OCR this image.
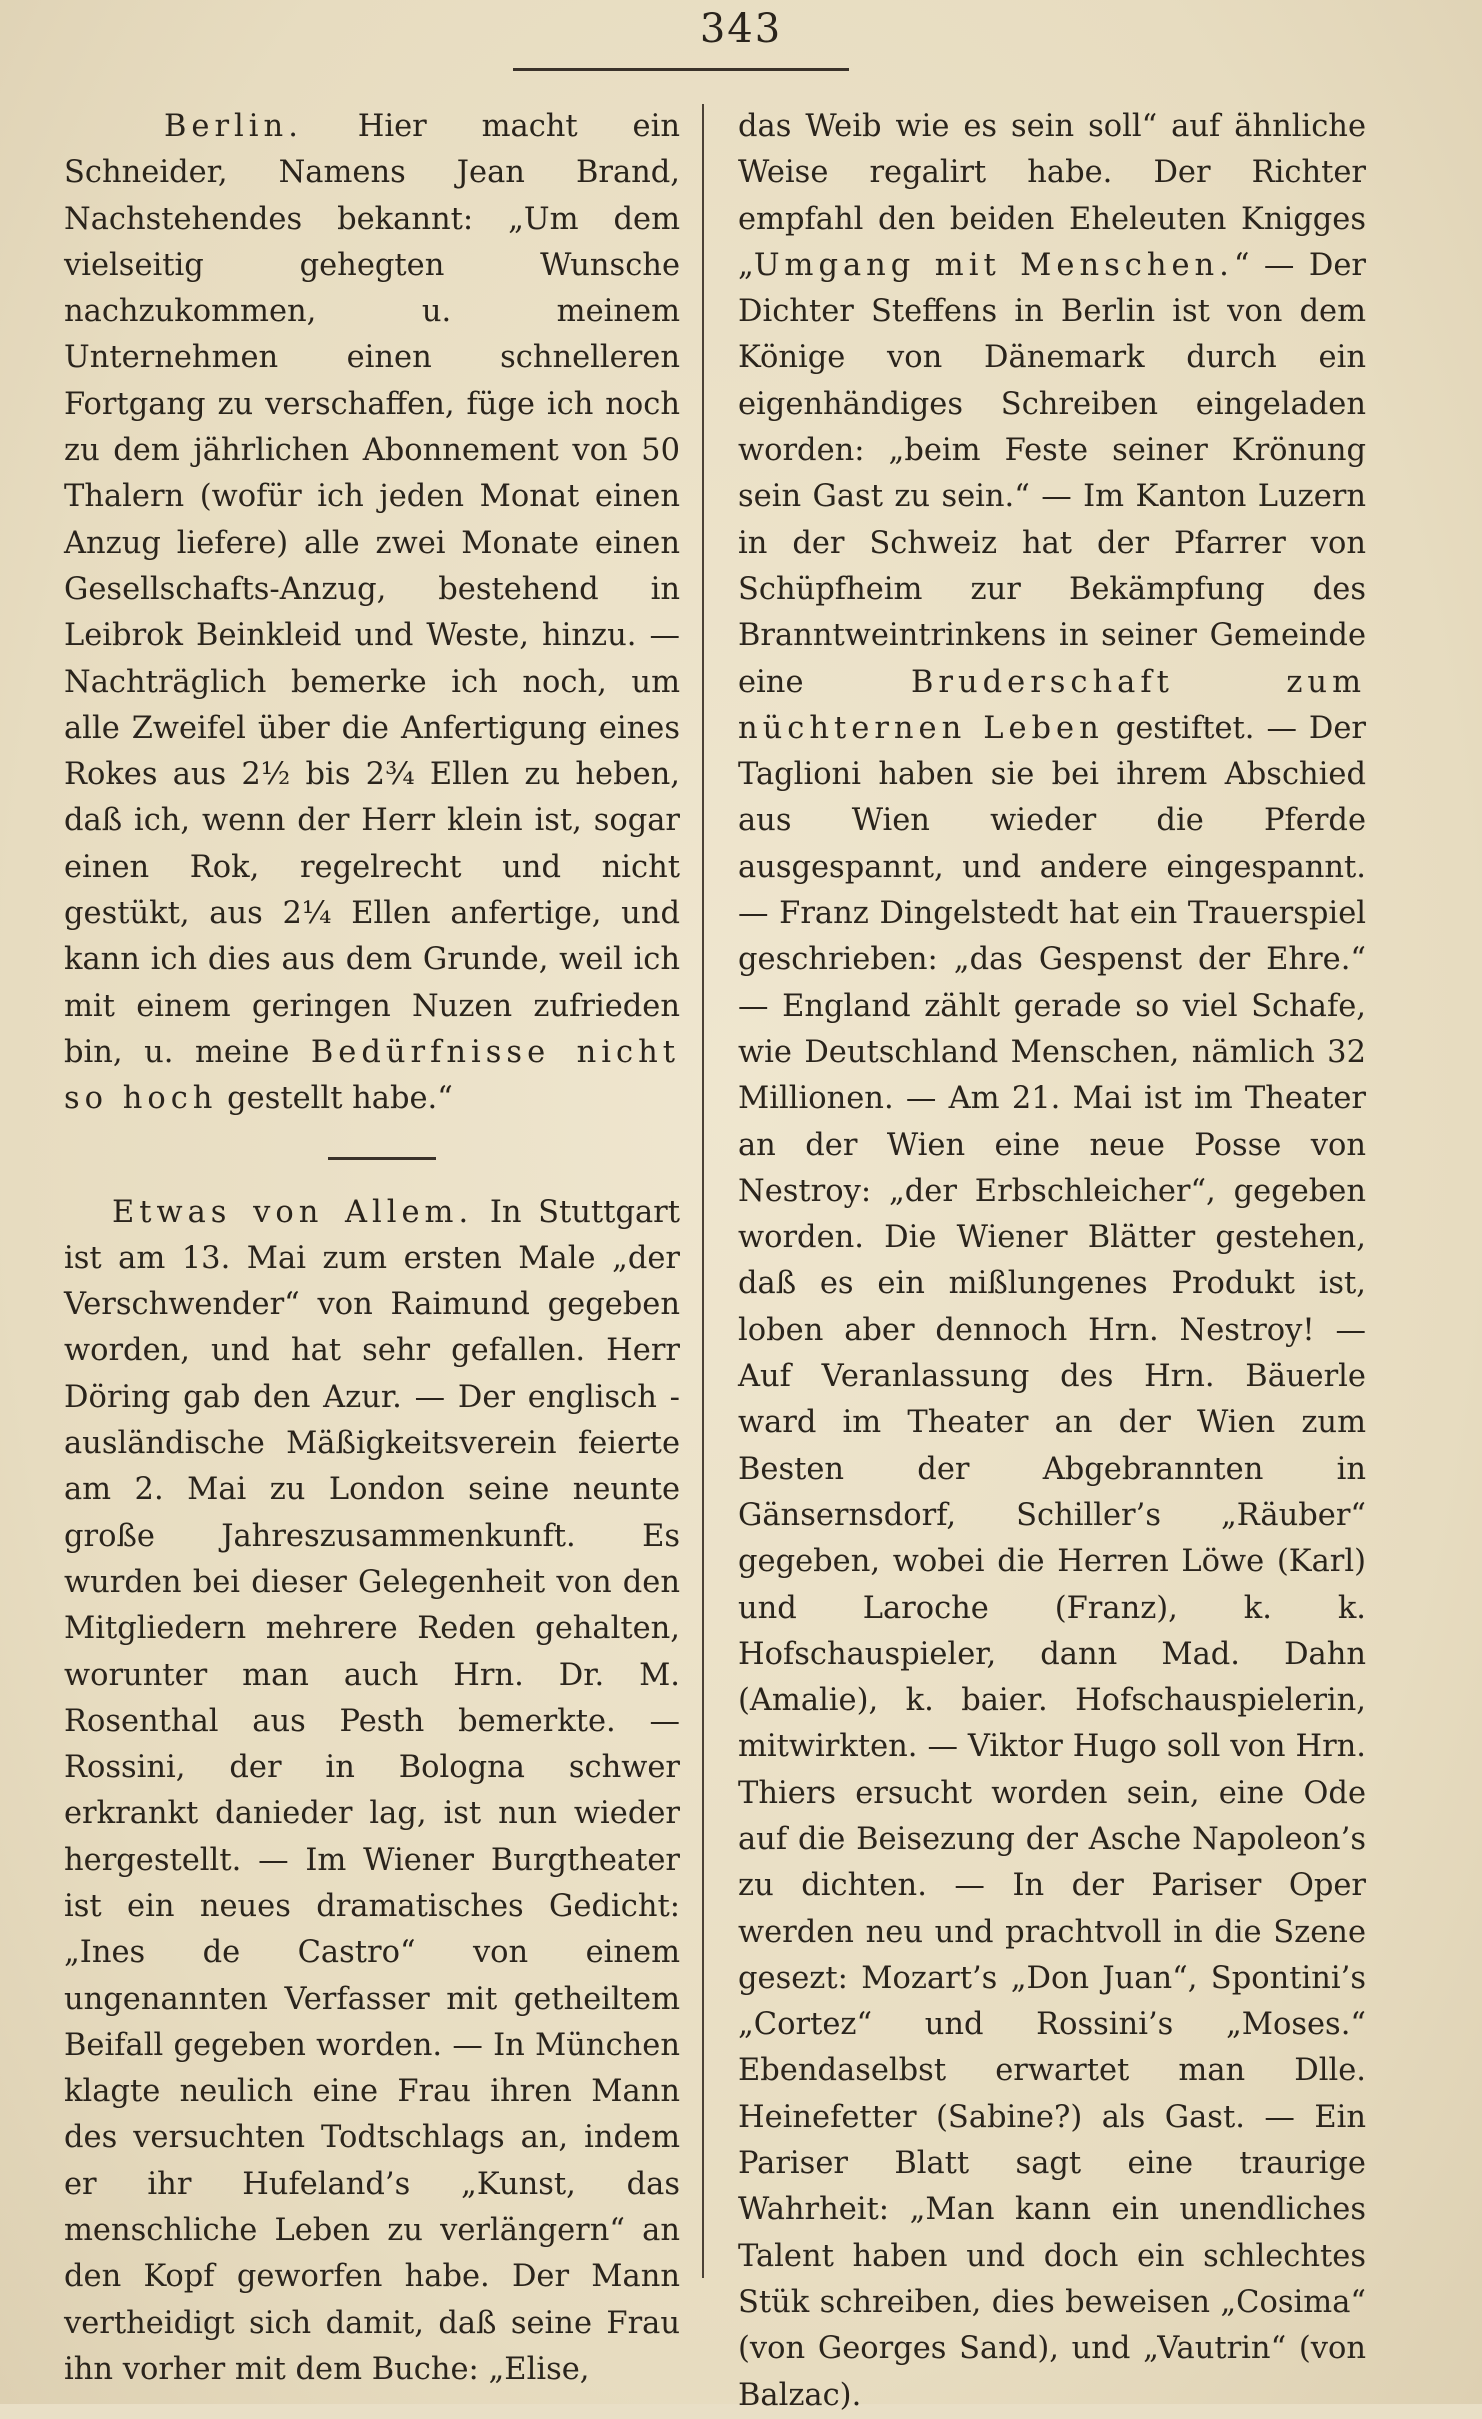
343

Berlin. Hier macht ein Schneider, Namens Jean Brand, Nachstehendes bekannt: „Um dem vielseitig gehegten Wunsche nachzukommen, u. meinem Unternehmen einen schnelleren Fortgang zu verschaffen, füge ich noch zu dem jährlichen Abonnement von 50 Thalern (wofür ich jeden Monat einen Anzug liefere) alle zwei Monate einen Gesellschafts-Anzug, bestehend in Leibrok Beinkleid und Weste, hinzu. — Nachträglich bemerke ich noch, um alle Zweifel über die Anfertigung eines Rokes aus 2½ bis 2¾ Ellen zu heben, daß ich, wenn der Herr klein ist, sogar einen Rok, regelrecht und nicht gestükt, aus 2¼ Ellen anfertige, und kann ich dies aus dem Grunde, weil ich mit einem geringen Nuzen zufrieden bin, u. meine Bedürfnisse nicht so hoch gestellt habe.“

Etwas von Allem. In Stuttgart ist am 13. Mai zum ersten Male „der Verschwender“ von Raimund gegeben worden, und hat sehr gefallen. Herr Döring gab den Azur. — Der englisch - ausländische Mäßigkeitsverein feierte am 2. Mai zu London seine neunte große Jahreszusammenkunft. Es wurden bei dieser Gelegenheit von den Mitgliedern mehrere Reden gehalten, worunter man auch Hrn. Dr. M. Rosenthal aus Pesth bemerkte. — Rossini, der in Bologna schwer erkrankt danieder lag, ist nun wieder hergestellt. — Im Wiener Burgtheater ist ein neues dramatisches Gedicht: „Ines de Castro“ von einem ungenannten Verfasser mit getheiltem Beifall gegeben worden. — In München klagte neulich eine Frau ihren Mann des versuchten Todtschlags an, indem er ihr Hufeland’s „Kunst, das menschliche Leben zu verlängern“ an den Kopf geworfen habe. Der Mann vertheidigt sich damit, daß seine Frau ihn vorher mit dem Buche: „Elise,

das Weib wie es sein soll“ auf ähnliche Weise regalirt habe. Der Richter empfahl den beiden Eheleuten Knigges „Umgang mit Menschen.“ — Der Dichter Steffens in Berlin ist von dem Könige von Dänemark durch ein eigenhändiges Schreiben eingeladen worden: „beim Feste seiner Krönung sein Gast zu sein.“ — Im Kanton Luzern in der Schweiz hat der Pfarrer von Schüpfheim zur Bekämpfung des Branntweintrinkens in seiner Gemeinde eine Bruderschaft zum nüchternen Leben gestiftet. — Der Taglioni haben sie bei ihrem Abschied aus Wien wieder die Pferde ausgespannt, und andere eingespannt. — Franz Dingelstedt hat ein Trauerspiel geschrieben: „das Gespenst der Ehre.“ — England zählt gerade so viel Schafe, wie Deutschland Menschen, nämlich 32 Millionen. — Am 21. Mai ist im Theater an der Wien eine neue Posse von Nestroy: „der Erbschleicher“, gegeben worden. Die Wiener Blätter gestehen, daß es ein mißlungenes Produkt ist, loben aber dennoch Hrn. Nestroy! — Auf Veranlassung des Hrn. Bäuerle ward im Theater an der Wien zum Besten der Abgebrannten in Gänsernsdorf, Schiller’s „Räuber“ gegeben, wobei die Herren Löwe (Karl) und Laroche (Franz), k. k. Hofschauspieler, dann Mad. Dahn (Amalie), k. baier. Hofschauspielerin, mitwirkten. — Viktor Hugo soll von Hrn. Thiers ersucht worden sein, eine Ode auf die Beisezung der Asche Napoleon’s zu dichten. — In der Pariser Oper werden neu und prachtvoll in die Szene gesezt: Mozart’s „Don Juan“, Spontini’s „Cortez“ und Rossini’s „Moses.“ Ebendaselbst erwartet man Dlle. Heinefetter (Sabine?) als Gast. — Ein Pariser Blatt sagt eine traurige Wahrheit: „Man kann ein unendliches Talent haben und doch ein schlechtes Stük schreiben, dies beweisen „Cosima“ (von Georges Sand), und „Vautrin“ (von Balzac).
